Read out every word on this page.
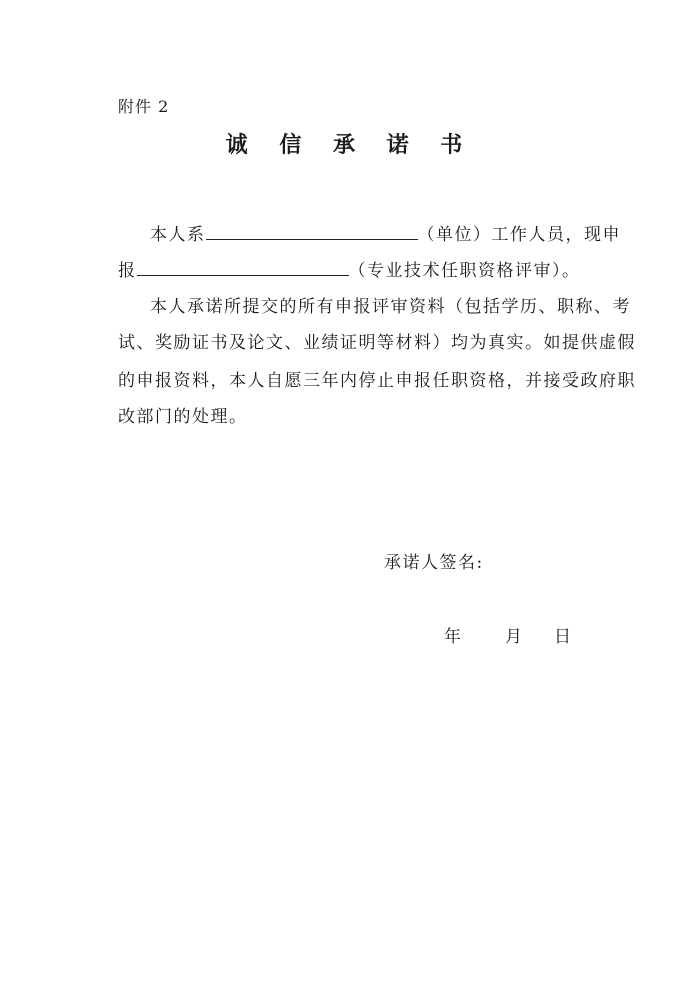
附件 2
诚 信 承 诺 书
本人系	（单位）工作人员，现申
报	（专业技术任职资格评审）。
本人承诺所提交的所有申报评审资料（包括学历、职称、考
试、奖励证书及论文、业绩证明等材料）均为真实。如提供虚假
的申报资料，本人自愿三年内停止申报任职资格，并接受政府职
改部门的处理。
承诺人签名:
年	月 日
